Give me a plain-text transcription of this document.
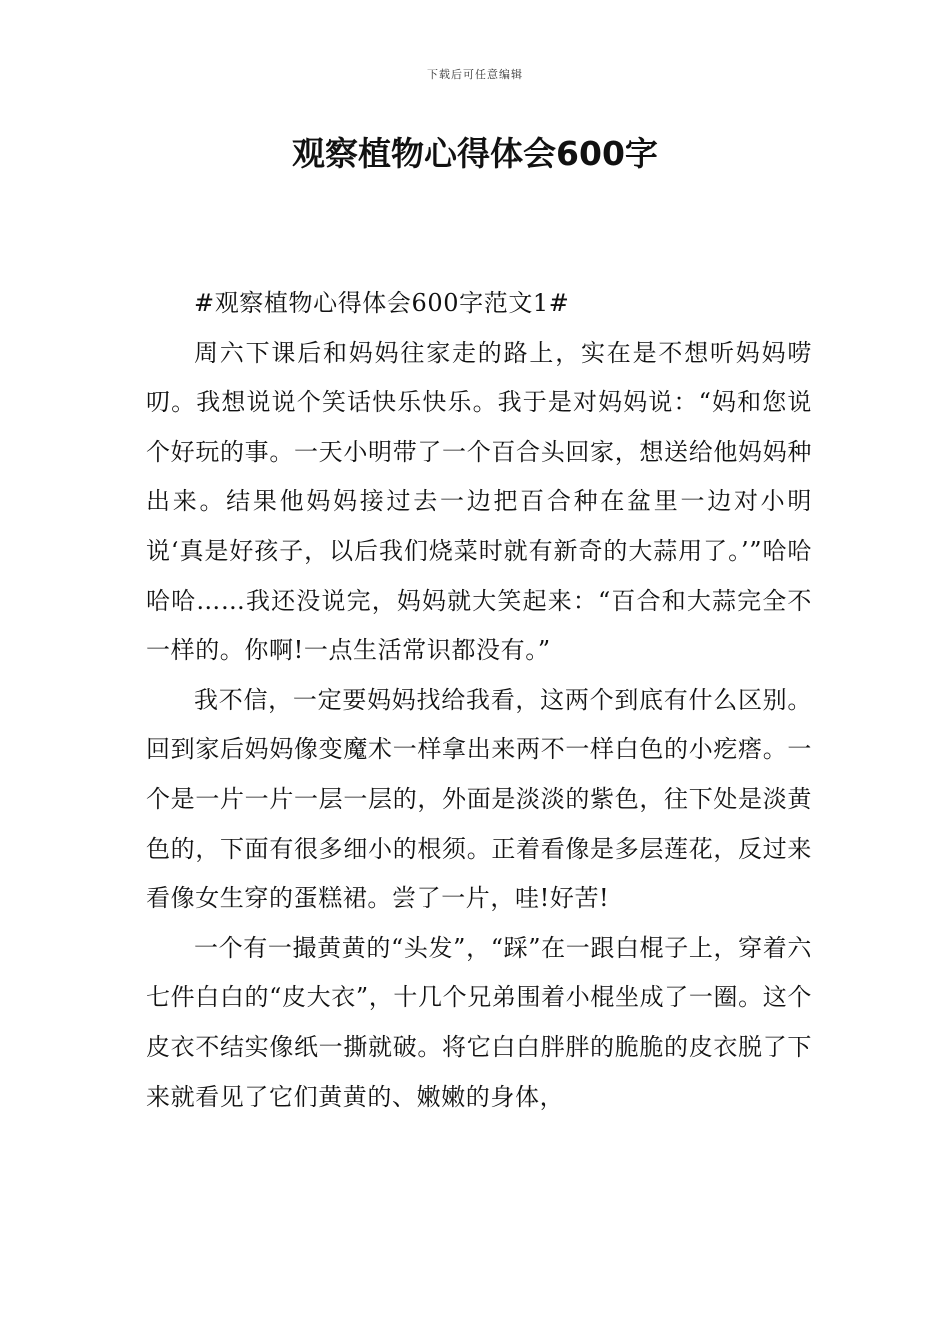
下载后可任意编辑
观察植物心得体会600字

#观察植物心得体会600字范文1#

周六下课后和妈妈往家走的路上，实在是不想听妈妈唠叨。我想说说个笑话快乐快乐。我于是对妈妈说：“妈和您说个好玩的事。一天小明带了一个百合头回家，想送给他妈妈种出来。结果他妈妈接过去一边把百合种在盆里一边对小明说‘真是好孩子，以后我们烧菜时就有新奇的大蒜用了。’”哈哈哈哈……我还没说完，妈妈就大笑起来：“百合和大蒜完全不一样的。你啊!一点生活常识都没有。”

我不信，一定要妈妈找给我看，这两个到底有什么区别。回到家后妈妈像变魔术一样拿出来两不一样白色的小疙瘩。一个是一片一片一层一层的，外面是淡淡的紫色，往下处是淡黄色的，下面有很多细小的根须。正着看像是多层莲花，反过来看像女生穿的蛋糕裙。尝了一片，哇!好苦!

一个有一撮黄黄的“头发”，“踩”在一跟白棍子上，穿着六七件白白的“皮大衣”，十几个兄弟围着小棍坐成了一圈。这个皮衣不结实像纸一撕就破。将它白白胖胖的脆脆的皮衣脱了下来就看见了它们黄黄的、嫩嫩的身体，
